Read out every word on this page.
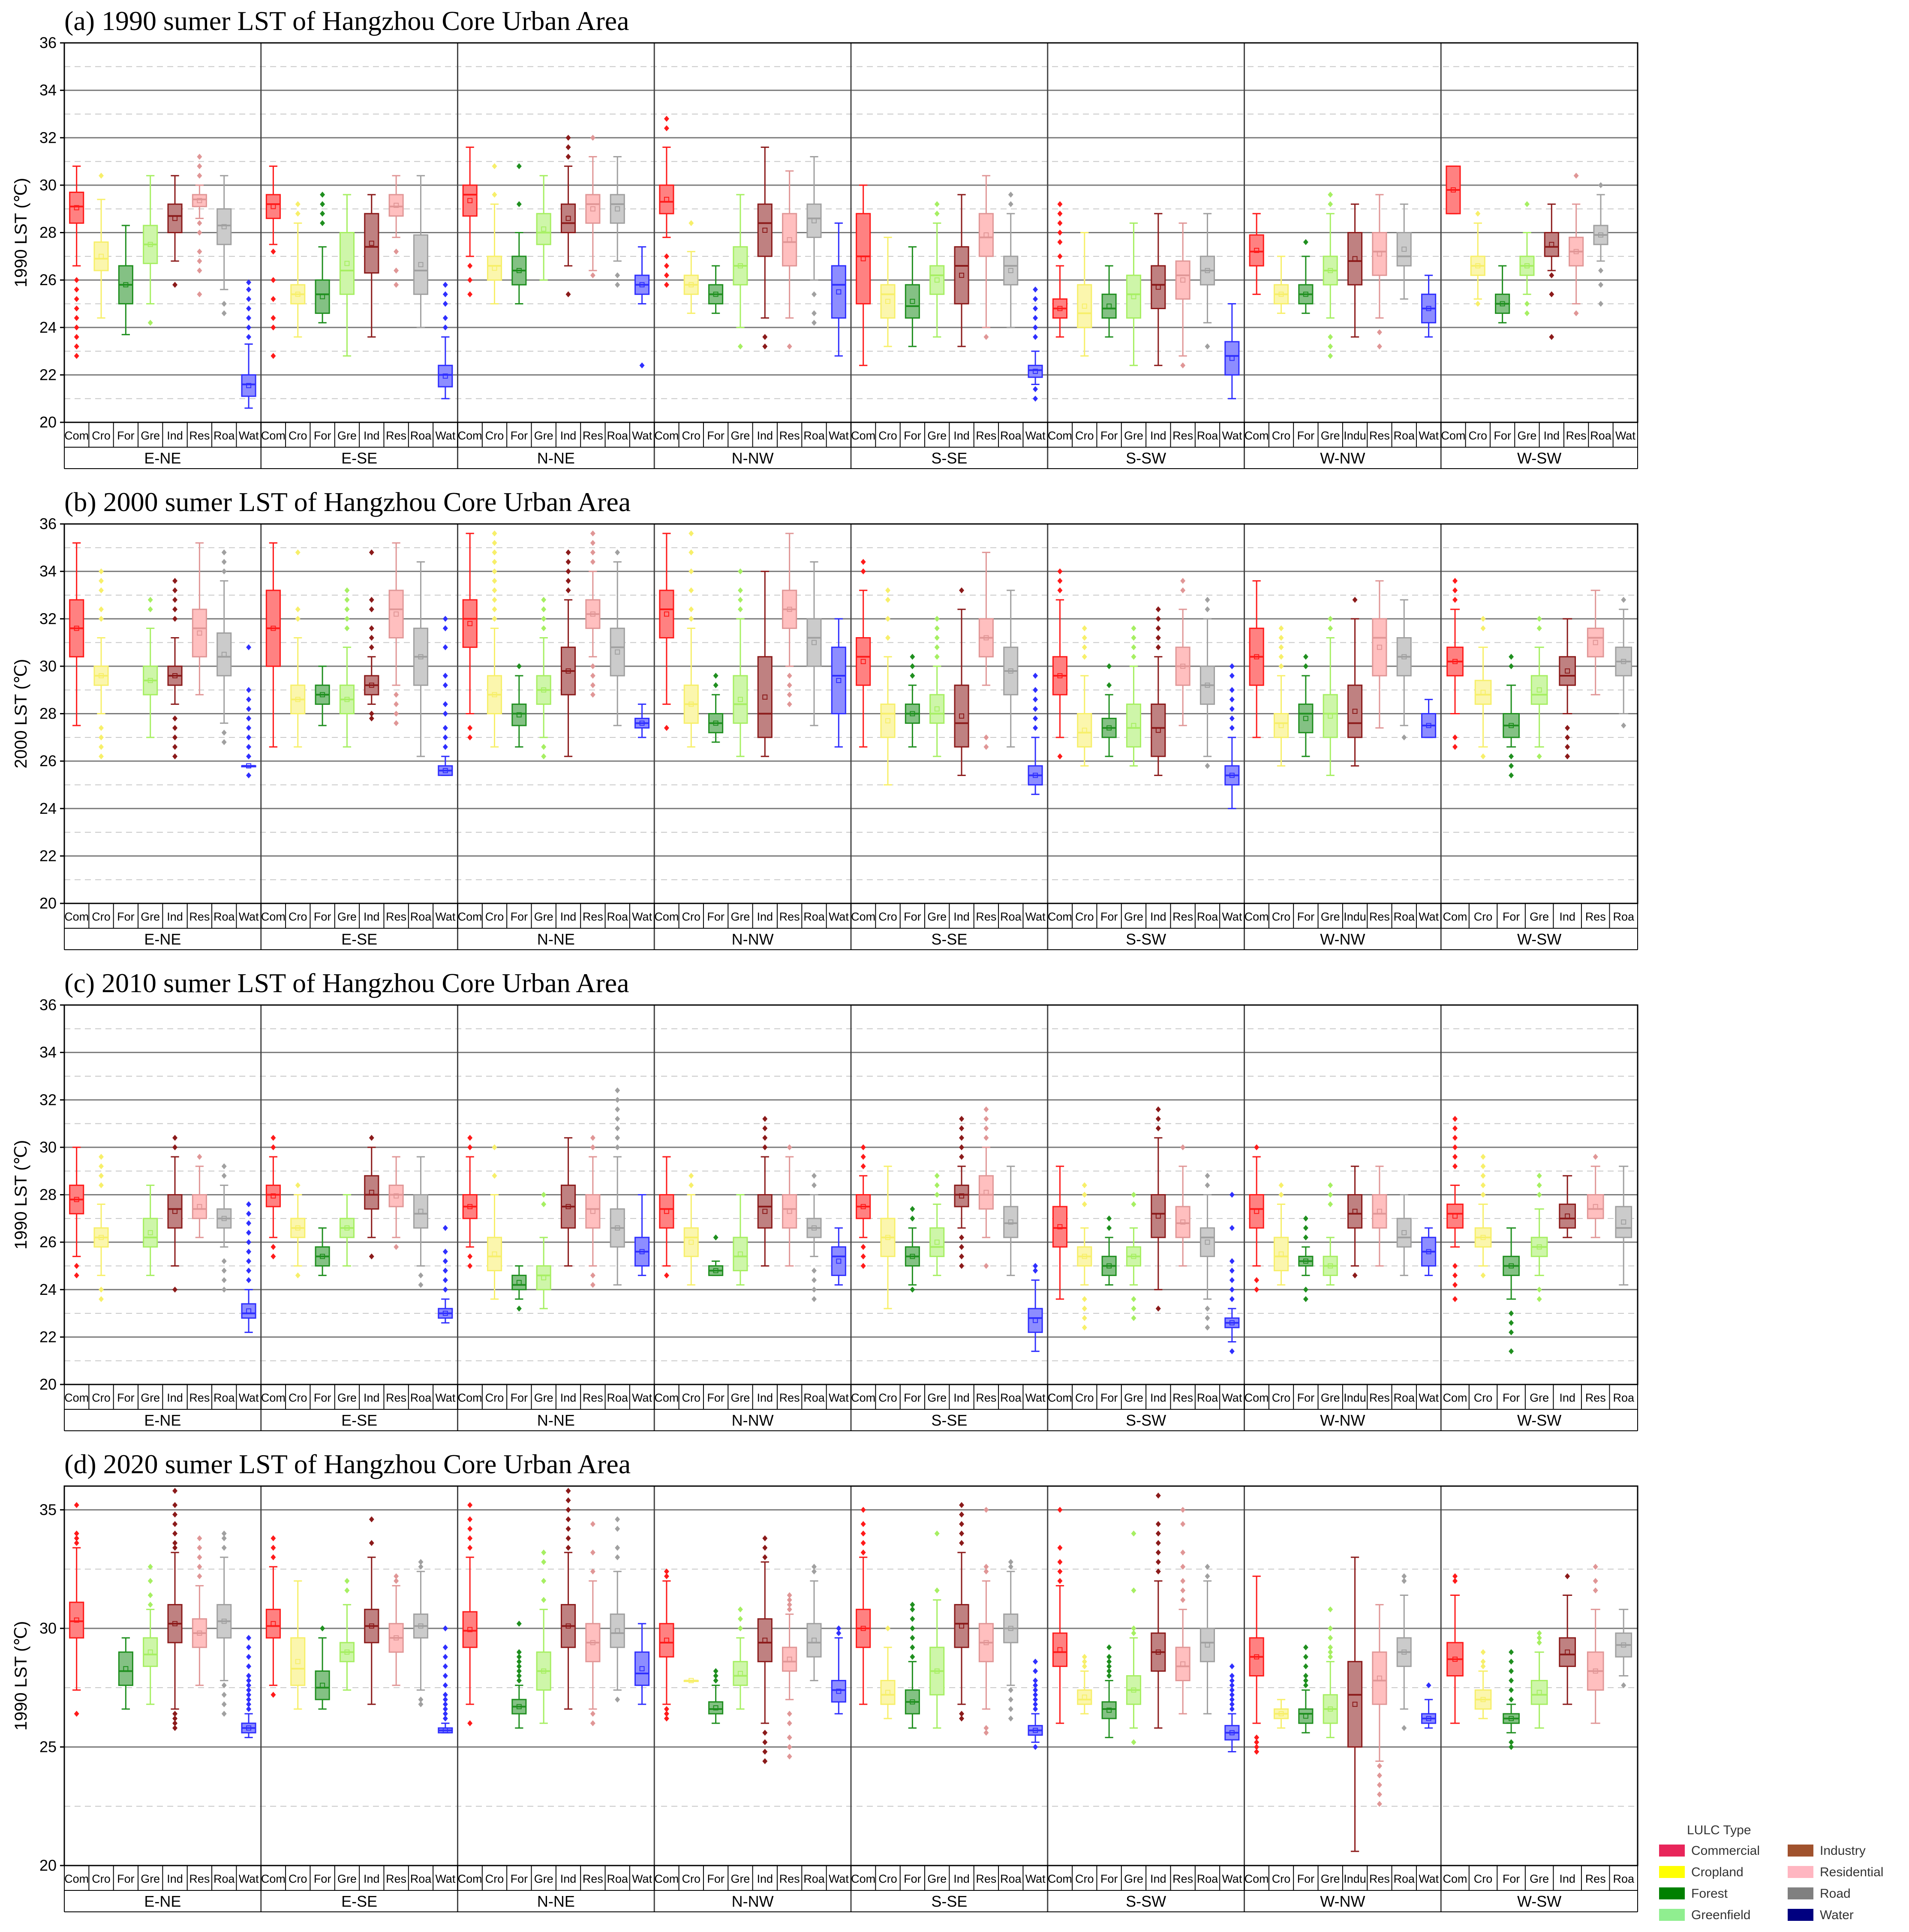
(a) 1990 sumer LST of Hangzhou Core Urban Area
1990 LST (℃)
20
22
24
26
28
30
32
34
36
Com Cro For Gre Ind Res Roa Wat
E-NE
Com Cro For Gre Ind Res Roa Wat
E-SE
Com Cro For Gre Ind Res Roa Wat
N-NE
Com Cro For Gre Ind Res Roa Wat
N-NW
Com Cro For Gre Ind Res Roa Wat
S-SE
Com Cro For Gre Ind Res Roa Wat
S-SW
Com Cro For Gre Indu Res Roa Wat
W-NW
Com Cro For Gre Ind Res Roa Wat
W-SW
(b) 2000 sumer LST of Hangzhou Core Urban Area
2000 LST (℃)
20
22
24
26
28
30
32
34
36
Com Cro For Gre Ind Res Roa Wat
E-NE
Com Cro For Gre Ind Res Roa Wat
E-SE
Com Cro For Gre Ind Res Roa Wat
N-NE
Com Cro For Gre Ind Res Roa Wat
N-NW
Com Cro For Gre Ind Res Roa Wat
S-SE
Com Cro For Gre Ind Res Roa Wat
S-SW
Com Cro For Gre Indu Res Roa Wat
W-NW
Com Cro For Gre Ind Res Roa
W-SW
(c) 2010 sumer LST of Hangzhou Core Urban Area
1990 LST (℃)
20
22
24
26
28
30
32
34
36
Com Cro For Gre Ind Res Roa Wat
E-NE
Com Cro For Gre Ind Res Roa Wat
E-SE
Com Cro For Gre Ind Res Roa Wat
N-NE
Com Cro For Gre Ind Res Roa Wat
N-NW
Com Cro For Gre Ind Res Roa Wat
S-SE
Com Cro For Gre Ind Res Roa Wat
S-SW
Com Cro For Gre Indu Res Roa Wat
W-NW
Com Cro For Gre Ind Res Roa
W-SW
(d) 2020 sumer LST of Hangzhou Core Urban Area
1990 LST (℃)
20
25
30
35
Com Cro For Gre Ind Res Roa Wat
E-NE
Com Cro For Gre Ind Res Roa Wat
E-SE
Com Cro For Gre Ind Res Roa Wat
N-NE
Com Cro For Gre Ind Res Roa Wat
N-NW
Com Cro For Gre Ind Res Roa Wat
S-SE
Com Cro For Gre Ind Res Roa Wat
S-SW
Com Cro For Gre Indu Res Roa Wat
W-NW
Com Cro For Gre Ind Res Roa
W-SW
LULC Type
Commercial	Industry
Cropland	Residential
Forest	Road
Greenfield	Water
